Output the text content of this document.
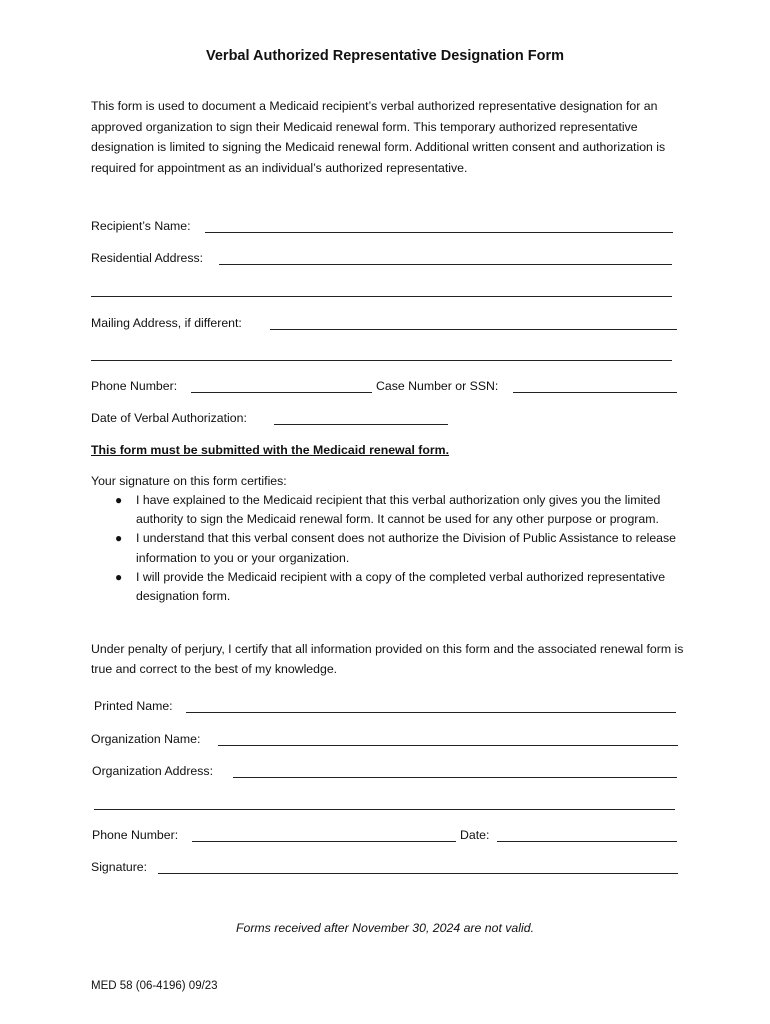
Verbal Authorized Representative Designation Form
This form is used to document a Medicaid recipient’s verbal authorized representative designation for an approved organization to sign their Medicaid renewal form. This temporary authorized representative designation is limited to signing the Medicaid renewal form. Additional written consent and authorization is required for appointment as an individual’s authorized representative.
Recipient’s Name:
Residential Address:
Mailing Address, if different:
Phone Number:	Case Number or SSN:
Date of Verbal Authorization:
This form must be submitted with the Medicaid renewal form.
Your signature on this form certifies:
● I have explained to the Medicaid recipient that this verbal authorization only gives you the limited authority to sign the Medicaid renewal form. It cannot be used for any other purpose or program.
● I understand that this verbal consent does not authorize the Division of Public Assistance to release information to you or your organization.
● I will provide the Medicaid recipient with a copy of the completed verbal authorized representative designation form.
Under penalty of perjury, I certify that all information provided on this form and the associated renewal form is true and correct to the best of my knowledge.
Printed Name:
Organization Name:
Organization Address:
Phone Number:	Date:
Signature:
Forms received after November 30, 2024 are not valid.
MED 58 (06-4196) 09/23
